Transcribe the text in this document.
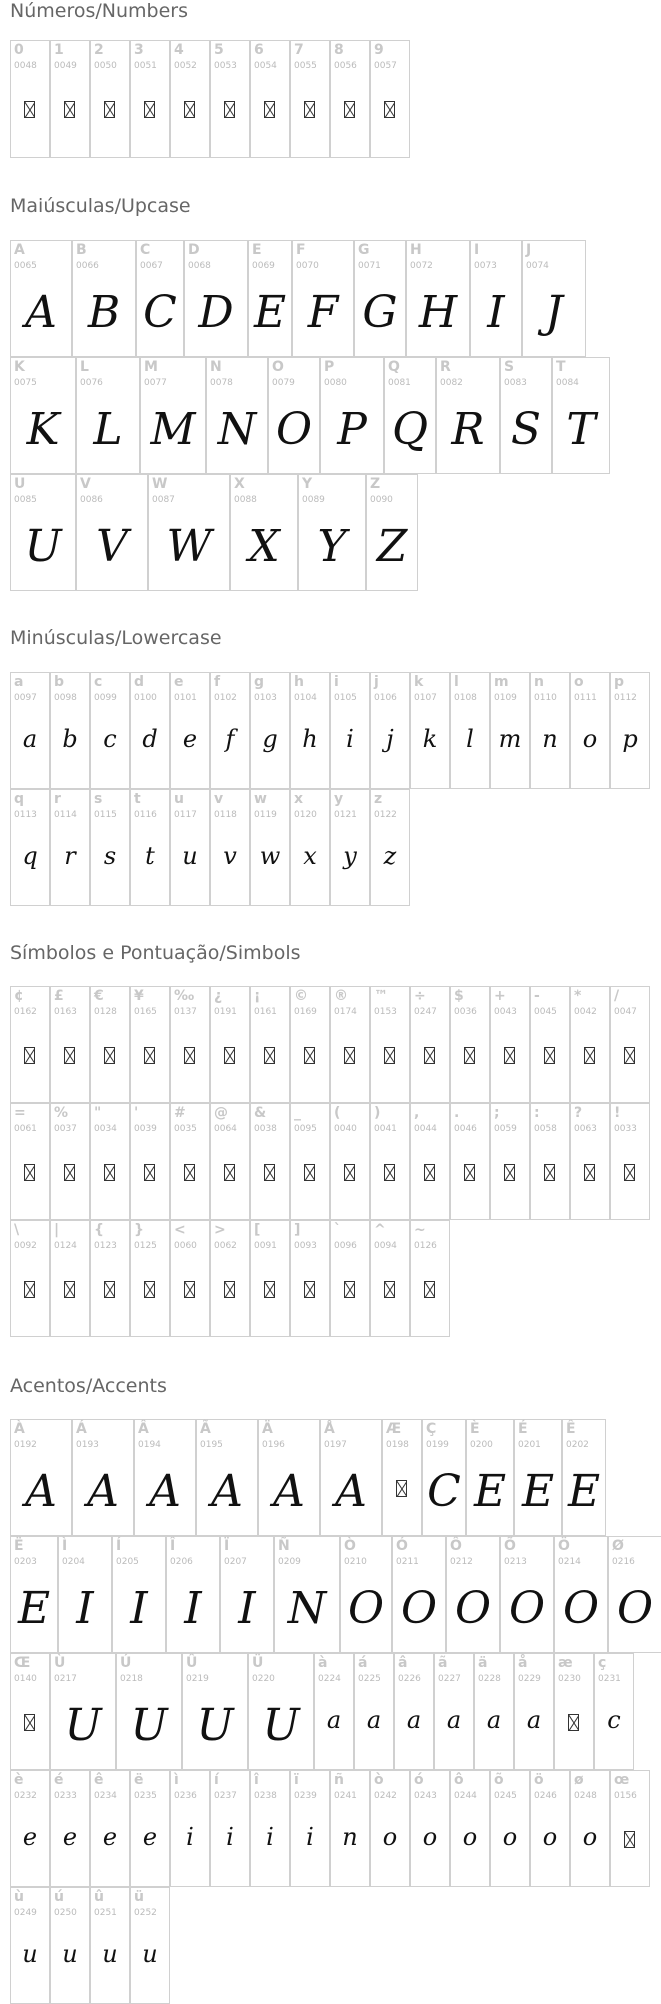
Números/Numbers
0
0048
1
0049
2
0050
3
0051
4
0052
5
0053
6
0054
7
0055
8
0056
9
0057
Maiúsculas/Upcase
A
0065
A
B
0066
B
C
0067
C
D
0068
D
E
0069
E
F
0070
F
G
0071
G
H
0072
H
I
0073
I
J
0074
J
K
0075
K
L
0076
L
M
0077
M
N
0078
N
O
0079
O
P
0080
P
Q
0081
Q
R
0082
R
S
0083
S
T
0084
T
U
0085
U
V
0086
V
W
0087
W
X
0088
X
Y
0089
Y
Z
0090
Z
Minúsculas/Lowercase
a
0097
a
b
0098
b
c
0099
c
d
0100
d
e
0101
e
f
0102
f
g
0103
g
h
0104
h
i
0105
i
j
0106
j
k
0107
k
l
0108
l
m
0109
m
n
0110
n
o
0111
o
p
0112
p
q
0113
q
r
0114
r
s
0115
s
t
0116
t
u
0117
u
v
0118
v
w
0119
w
x
0120
x
y
0121
y
z
0122
z
Símbolos e Pontuação/Simbols
¢
0162
£
0163
€
0128
¥
0165
‰
0137
¿
0191
¡
0161
©
0169
®
0174
™
0153
÷
0247
$
0036
+
0043
-
0045
*
0042
/
0047
=
0061
%
0037
"
0034
'
0039
#
0035
@
0064
&
0038
_
0095
(
0040
)
0041
,
0044
.
0046
;
0059
:
0058
?
0063
!
0033
\
0092
|
0124
{
0123
}
0125
<
0060
>
0062
[
0091
]
0093
`
0096
^
0094
~
0126
Acentos/Accents
À
0192
A
Á
0193
A
Â
0194
A
Ã
0195
A
Ä
0196
A
Å
0197
A
Æ
0198
Ç
0199
C
È
0200
E
É
0201
E
Ê
0202
E
Ë
0203
E
Ì
0204
I
Í
0205
I
Î
0206
I
Ï
0207
I
Ñ
0209
N
Ò
0210
O
Ó
0211
O
Ô
0212
O
Õ
0213
O
Ö
0214
O
Ø
0216
O
Œ
0140
Ù
0217
U
Ú
0218
U
Û
0219
U
Ü
0220
U
à
0224
a
á
0225
a
â
0226
a
ã
0227
a
ä
0228
a
å
0229
a
æ
0230
ç
0231
c
è
0232
e
é
0233
e
ê
0234
e
ë
0235
e
ì
0236
i
í
0237
i
î
0238
i
ï
0239
i
ñ
0241
n
ò
0242
o
ó
0243
o
ô
0244
o
õ
0245
o
ö
0246
o
ø
0248
o
œ
0156
ù
0249
u
ú
0250
u
û
0251
u
ü
0252
u
